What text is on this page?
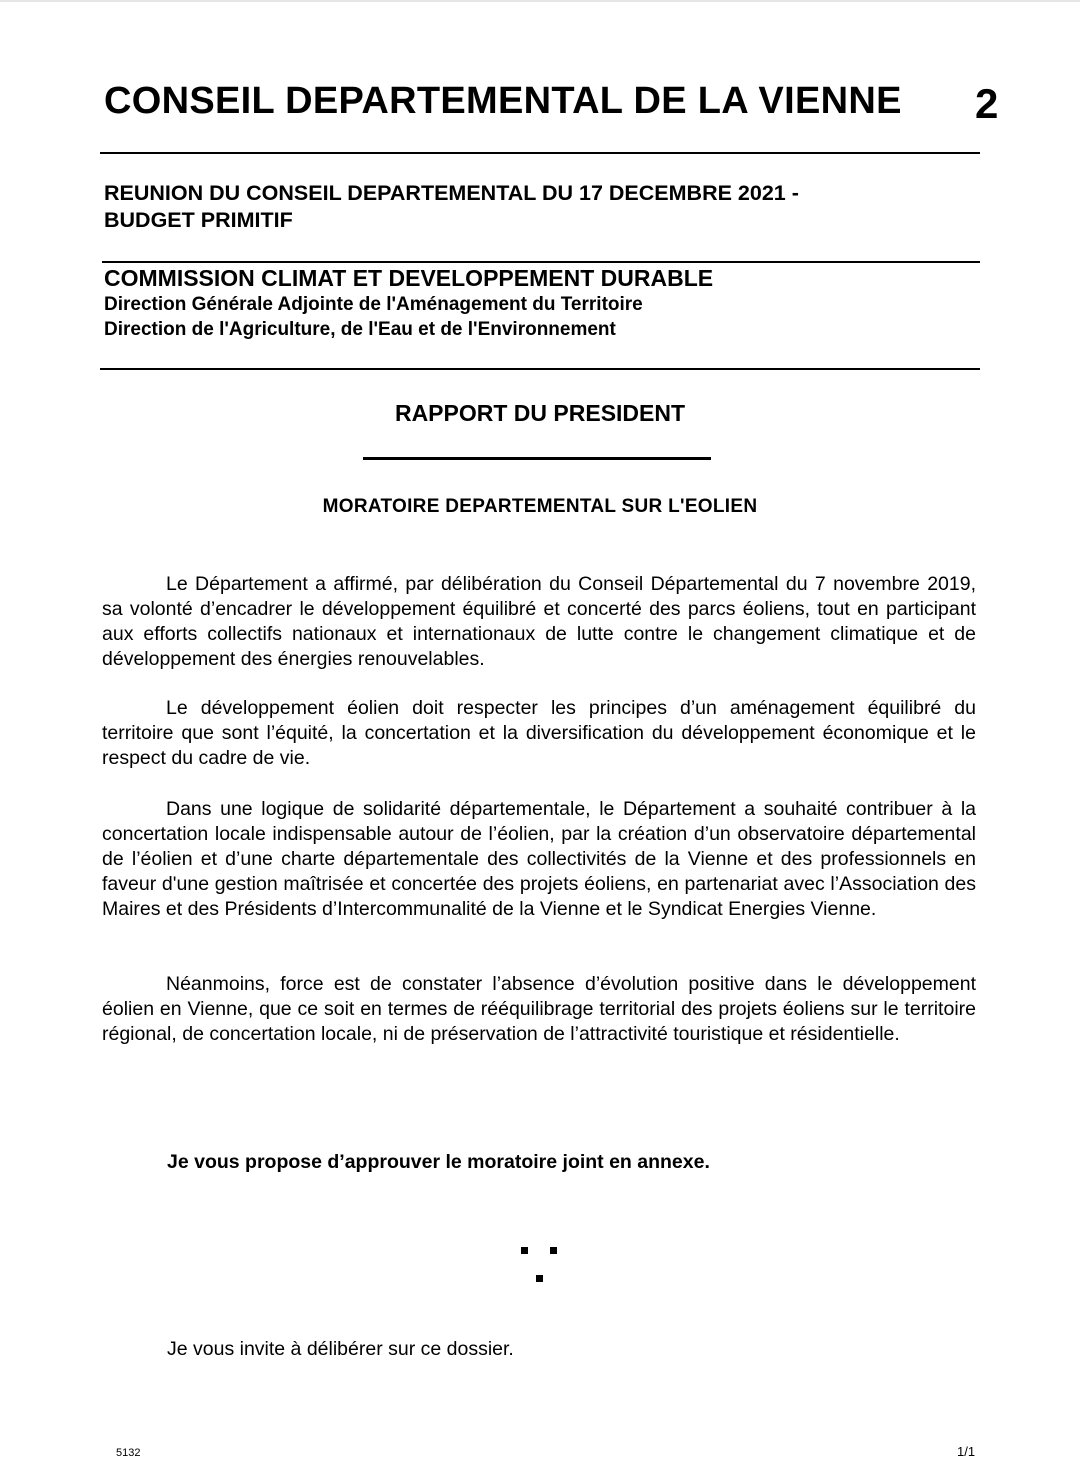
CONSEIL DEPARTEMENTAL DE LA VIENNE 2
REUNION DU CONSEIL DEPARTEMENTAL DU 17 DECEMBRE 2021 -
BUDGET PRIMITIF
COMMISSION CLIMAT ET DEVELOPPEMENT DURABLE
Direction Générale Adjointe de l'Aménagement du Territoire
Direction de l'Agriculture, de l'Eau et de l'Environnement
RAPPORT DU PRESIDENT
MORATOIRE DEPARTEMENTAL SUR L'EOLIEN

Le Département a affirmé, par délibération du Conseil Départemental du 7 novembre 2019, sa volonté d’encadrer le développement équilibré et concerté des parcs éoliens, tout en participant aux efforts collectifs nationaux et internationaux de lutte contre le changement climatique et de développement des énergies renouvelables.

Le développement éolien doit respecter les principes d’un aménagement équilibré du territoire que sont l’équité, la concertation et la diversification du développement économique et le respect du cadre de vie.

Dans une logique de solidarité départementale, le Département a souhaité contribuer à la concertation locale indispensable autour de l’éolien, par la création d’un observatoire départemental de l’éolien et d’une charte départementale des collectivités de la Vienne et des professionnels en faveur d'une gestion maîtrisée et concertée des projets éoliens, en partenariat avec l’Association des Maires et des Présidents d’Intercommunalité de la Vienne et le Syndicat Energies Vienne.

Néanmoins, force est de constater l’absence d’évolution positive dans le développement éolien en Vienne, que ce soit en termes de rééquilibrage territorial des projets éoliens sur le territoire régional, de concertation locale, ni de préservation de l’attractivité touristique et résidentielle.

Je vous propose d’approuver le moratoire joint en annexe.
Je vous invite à délibérer sur ce dossier.
5132	1/1
